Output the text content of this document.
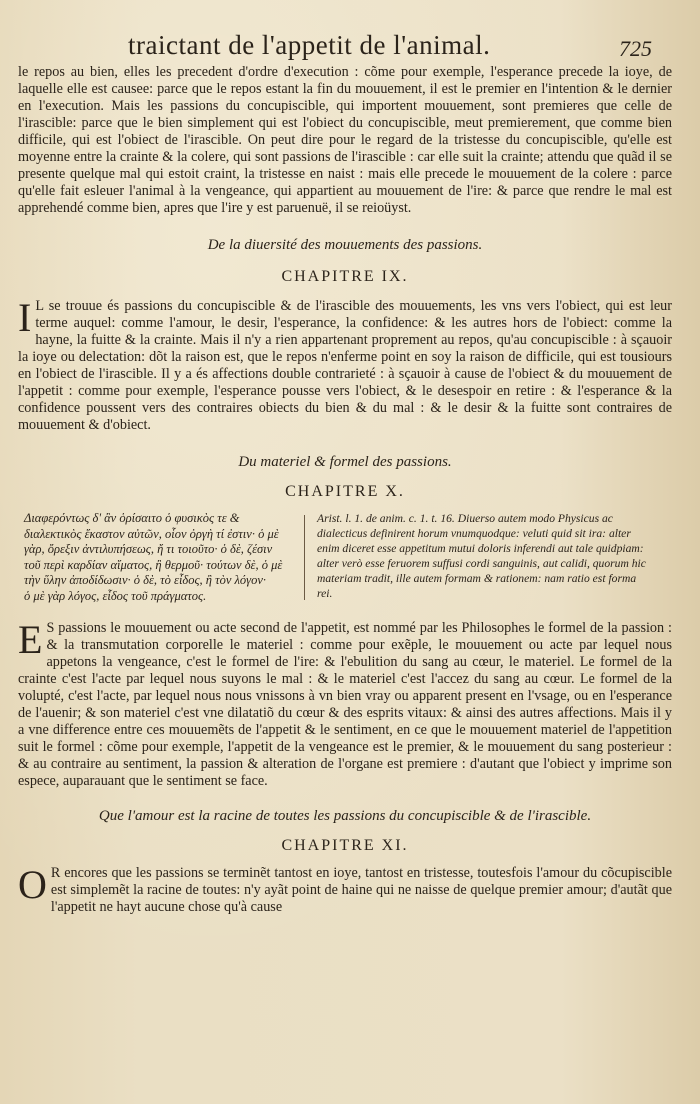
traictant de l'appetit de l'animal.	725

le repos au bien, elles les precedent d'ordre d'execution : cõme pour exemple, l'esperance precede la ioye, de laquelle elle est causee: parce que le repos estant la fin du mouuement, il est le premier en l'intention & le dernier en l'execution. Mais les passions du concupiscible, qui importent mouuement, sont premieres que celle de l'irascible: parce que le bien simplement qui est l'obiect du concupiscible, meut premierement, que comme bien difficile, qui est l'obiect de l'irascible. On peut dire pour le regard de la tristesse du concupiscible, qu'elle est moyenne entre la crainte & la colere, qui sont passions de l'irascible : car elle suit la crainte; attendu que quãd il se presente quelque mal qui estoit craint, la tristesse en naist : mais elle precede le mouuement de la colere : parce qu'elle fait esleuer l'animal à la vengeance, qui appartient au mouuement de l'ire: & parce que rendre le mal est apprehendé comme bien, apres que l'ire y est paruenuë, il se reioüyst.

De la diuersité des mouuements des passions.

CHAPITRE IX.

I L se trouue és passions du concupiscible & de l'irascible des mouuements, les vns vers l'obiect, qui est leur terme auquel: comme l'amour, le desir, l'esperance, la confidence: & les autres hors de l'obiect: comme la hayne, la fuitte & la crainte. Mais il n'y a rien appartenant proprement au repos, qu'au concupiscible : à sçauoir la ioye ou delectation: dõt la raison est, que le repos n'enferme point en soy la raison de difficile, qui est tousiours en l'obiect de l'irascible. Il y a és affections double contrarieté : à sçauoir à cause de l'obiect & du mouuement de l'appetit : comme pour exemple, l'esperance pousse vers l'obiect, & le desespoir en retire : & l'esperance & la confidence poussent vers des contraires obiects du bien & du mal : & le desir & la fuitte sont contraires de mouuement & d'obiect.

Du materiel & formel des passions.

CHAPITRE X.

Διαφερόντως δ' ἂν ὁρίσαιτο ὁ φυσικὸς τε &
διαλεκτικὸς ἕκαστον αὐτῶν, οἷον ὀργὴ τί ἐστιν· ὁ μὲ
γὰρ, ὄρεξιν ἀντιλυπήσεως, ἤ τι τοιοῦτο· ὁ δὲ, ζέσιν
τοῦ περὶ καρδίαν αἵματος, ἢ θερμοῦ· τούτων δὲ, ὁ μὲ
τὴν ὕλην ἀποδίδωσιν· ὁ δὲ, τὸ εἶδος, ἢ τὸν λόγον·
ὁ μὲ γὰρ λόγος, εἶδος τοῦ πράγματος.
Arist. l. 1. de anim. c. 1. t. 16. Diuerso autem modo Physicus ac dialecticus definirent horum vnumquodque: veluti quid sit ira: alter enim diceret esse appetitum mutui doloris inferendi aut tale quidpiam: alter verò esse feruorem suffusi cordi sanguinis, aut calidi, quorum hic materiam tradit, ille autem formam & rationem: nam ratio est forma rei.
E S passions le mouuement ou acte second de l'appetit, est nommé par les Philosophes le formel de la passion : & la transmutation corporelle le materiel : comme pour exẽple, le mouuement ou acte par lequel nous appetons la vengeance, c'est le formel de l'ire: & l'ebulition du sang au cœur, le materiel. Le formel de la crainte c'est l'acte par lequel nous suyons le mal : & le materiel c'est l'accez du sang au cœur. Le formel de la volupté, c'est l'acte, par lequel nous nous vnissons à vn bien vray ou apparent present en l'vsage, ou en l'esperance de l'auenir; & son materiel c'est vne dilatatiõ du cœur & des esprits vitaux: & ainsi des autres affections. Mais il y a vne difference entre ces mouuemẽts de l'appetit & le sentiment, en ce que le mouuement materiel de l'appetition suit le formel : cõme pour exemple, l'appetit de la vengeance est le premier, & le mouuement du sang posterieur : & au contraire au sentiment, la passion & alteration de l'organe est premiere : d'autant que l'obiect y imprime son espece, auparauant que le sentiment se face.

Que l'amour est la racine de toutes les passions du concupiscible & de l'irascible.

CHAPITRE XI.

O R encores que les passions se terminẽt tantost en ioye, tantost en tristesse, toutesfois l'amour du cõcupiscible est simplemẽt la racine de toutes: n'y ayãt point de haine qui ne naisse de quelque premier amour; d'autãt que l'appetit ne hayt aucune chose qu'à cause
